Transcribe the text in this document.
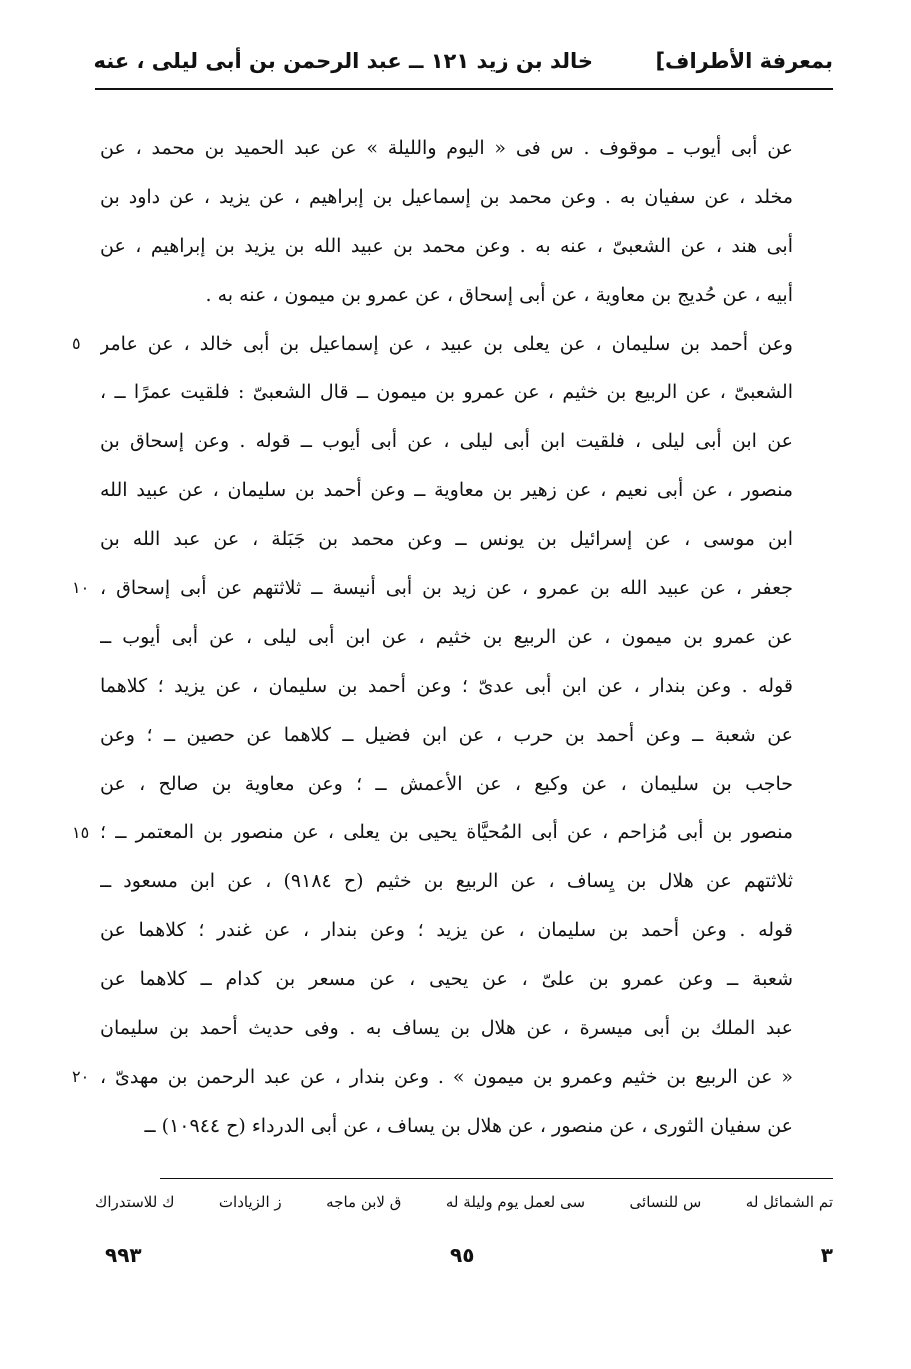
بمعرفة الأطراف]
خالد بن زيد ١٢١ ــ عبد الرحمن بن أبى ليلى ، عنه
عن أبى أيوب ـ موقوف . س فى « اليوم والليلة » عن عبد الحميد بن محمد ، عن
مخلد ، عن سفيان به . وعن محمد بن إسماعيل بن إبراهيم ، عن يزيد ، عن داود بن
أبى هند ، عن الشعبىّ ، عنه به . وعن محمد بن عبيد الله بن يزيد بن إبراهيم ، عن
أبيه ، عن حُديج بن معاوية ، عن أبى إسحاق ، عن عمرو بن ميمون ، عنه به .
وعن أحمد بن سليمان ، عن يعلى بن عبيد ، عن إسماعيل بن أبى خالد ، عن عامر
الشعبىّ ، عن الربيع بن خثيم ، عن عمرو بن ميمون ــ قال الشعبىّ : فلقيت عمرًا ــ ،
عن ابن أبى ليلى ، فلقيت ابن أبى ليلى ، عن أبى أيوب ــ قوله . وعن إسحاق بن
منصور ، عن أبى نعيم ، عن زهير بن معاوية ــ وعن أحمد بن سليمان ، عن عبيد الله
ابن موسى ، عن إسرائيل بن يونس ــ وعن محمد بن جَبَلة ، عن عبد الله بن
جعفر ، عن عبيد الله بن عمرو ، عن زيد بن أبى أنيسة ــ ثلاثتهم عن أبى إسحاق ،
عن عمرو بن ميمون ، عن الربيع بن خثيم ، عن ابن أبى ليلى ، عن أبى أيوب ــ
قوله . وعن بندار ، عن ابن أبى عدىّ ؛ وعن أحمد بن سليمان ، عن يزيد ؛ كلاهما
عن شعبة ــ وعن أحمد بن حرب ، عن ابن فضيل ــ كلاهما عن حصين ــ ؛ وعن
حاجب بن سليمان ، عن وكيع ، عن الأعمش ــ ؛ وعن معاوية بن صالح ، عن
منصور بن أبى مُزاحم ، عن أبى المُحيَّاة يحيى بن يعلى ، عن منصور بن المعتمر ــ ؛
ثلاثتهم عن هلال بن يِساف ، عن الربيع بن خثيم (ح ٩١٨٤) ، عن ابن مسعود ــ
قوله . وعن أحمد بن سليمان ، عن يزيد ؛ وعن بندار ، عن غندر ؛ كلاهما عن
شعبة ــ وعن عمرو بن علىّ ، عن يحيى ، عن مسعر بن كدام ــ كلاهما عن
عبد الملك بن أبى ميسرة ، عن هلال بن يساف به . وفى حديث أحمد بن سليمان
« عن الربيع بن خثيم وعمرو بن ميمون » . وعن بندار ، عن عبد الرحمن بن مهدىّ ،
عن سفيان الثورى ، عن منصور ، عن هلال بن يساف ، عن أبى الدرداء (ح ١٠٩٤٤) ــ
٥
١٠
١٥
٢٠
تم الشمائل له
س للنسائى
سى لعمل يوم وليلة له
ق لابن ماجه
ز الزيادات
ك للاستدراك
٩٩٣	٩٥	٣
